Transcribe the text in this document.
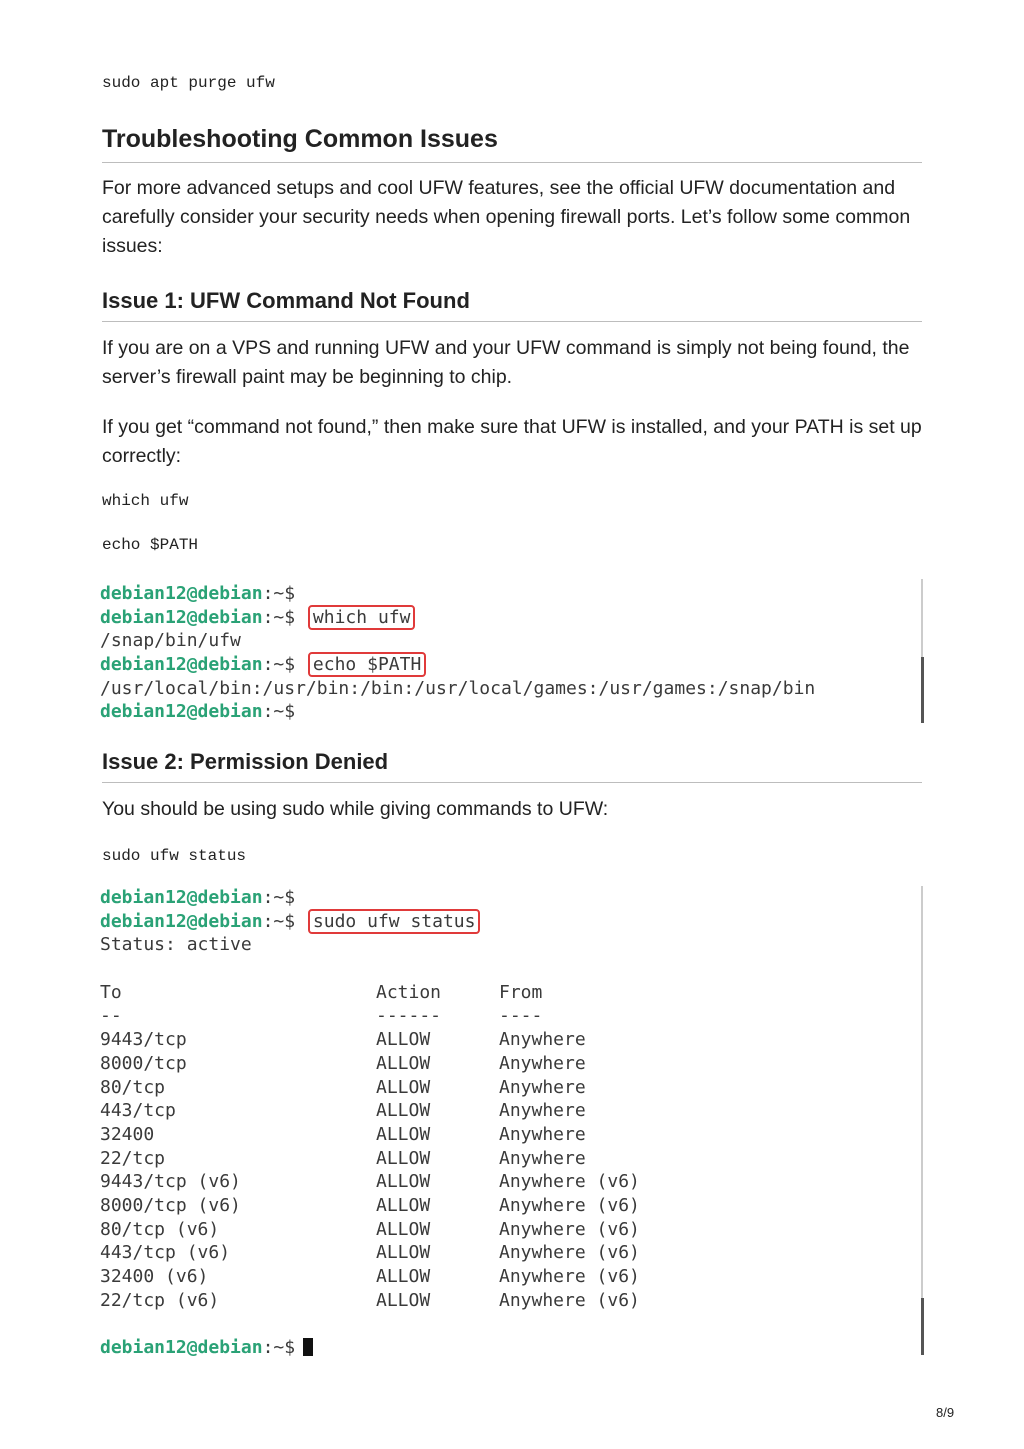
sudo apt purge ufw
Troubleshooting Common Issues
For more advanced setups and cool UFW features, see the official UFW documentation and carefully consider your security needs when opening firewall ports. Let’s follow some common issues:
Issue 1: UFW Command Not Found
If you are on a VPS and running UFW and your UFW command is simply not being found, the server’s firewall paint may be beginning to chip.
If you get “command not found,” then make sure that UFW is installed, and your PATH is set up correctly:
which ufw
echo $PATH
debian12@debian:~$
debian12@debian:~$ which ufw
/snap/bin/ufw
debian12@debian:~$ echo $PATH
/usr/local/bin:/usr/bin:/bin:/usr/local/games:/usr/games:/snap/bin
debian12@debian:~$
Issue 2: Permission Denied
You should be using sudo while giving commands to UFW:
sudo ufw status
debian12@debian:~$
debian12@debian:~$ sudo ufw status
Status: active
To	Action	From
--	------	----
9443/tcp	ALLOW	Anywhere
8000/tcp	ALLOW	Anywhere
80/tcp	ALLOW	Anywhere
443/tcp	ALLOW	Anywhere
32400	ALLOW	Anywhere
22/tcp	ALLOW	Anywhere
9443/tcp (v6)	ALLOW	Anywhere (v6)
8000/tcp (v6)	ALLOW	Anywhere (v6)
80/tcp (v6)	ALLOW	Anywhere (v6)
443/tcp (v6)	ALLOW	Anywhere (v6)
32400 (v6)	ALLOW	Anywhere (v6)
22/tcp (v6)	ALLOW	Anywhere (v6)
debian12@debian:~$
8/9
